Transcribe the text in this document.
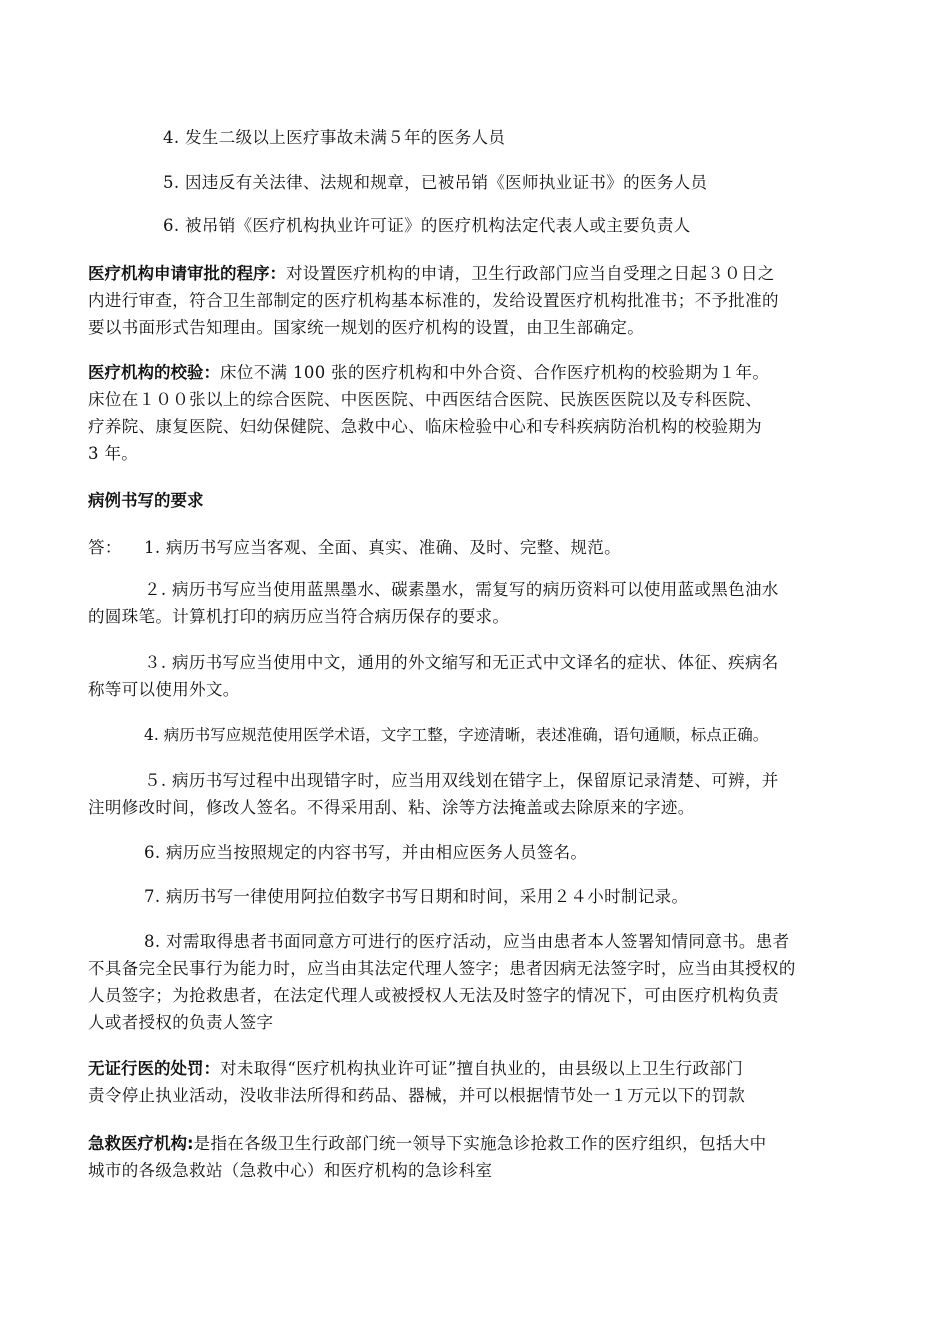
4. 发生二级以上医疗事故未满５年的医务人员
5. 因违反有关法律、法规和规章，已被吊销《医师执业证书》的医务人员
6. 被吊销《医疗机构执业许可证》的医疗机构法定代表人或主要负责人
医疗机构申请审批的程序：对设置医疗机构的申请，卫生行政部门应当自受理之日起３０日之
内进行审查，符合卫生部制定的医疗机构基本标准的，发给设置医疗机构批准书；不予批准的
要以书面形式告知理由。国家统一规划的医疗机构的设置，由卫生部确定。
医疗机构的校验：床位不满 100 张的医疗机构和中外合资、合作医疗机构的校验期为１年。
床位在１００张以上的综合医院、中医医院、中西医结合医院、民族医医院以及专科医院、
疗养院、康复医院、妇幼保健院、急救中心、临床检验中心和专科疾病防治机构的校验期为
3 年。
病例书写的要求
答： 1. 病历书写应当客观、全面、真实、准确、及时、完整、规范。
２. 病历书写应当使用蓝黑墨水、碳素墨水，需复写的病历资料可以使用蓝或黑色油水
的圆珠笔。计算机打印的病历应当符合病历保存的要求。
３. 病历书写应当使用中文，通用的外文缩写和无正式中文译名的症状、体征、疾病名
称等可以使用外文。
4. 病历书写应规范使用医学术语，文字工整，字迹清晰，表述准确，语句通顺，标点正确。
５. 病历书写过程中出现错字时，应当用双线划在错字上，保留原记录清楚、可辨，并
注明修改时间，修改人签名。不得采用刮、粘、涂等方法掩盖或去除原来的字迹。
6. 病历应当按照规定的内容书写，并由相应医务人员签名。
7. 病历书写一律使用阿拉伯数字书写日期和时间，采用２４小时制记录。
8. 对需取得患者书面同意方可进行的医疗活动，应当由患者本人签署知情同意书。患者
不具备完全民事行为能力时，应当由其法定代理人签字；患者因病无法签字时，应当由其授权的
人员签字；为抢救患者，在法定代理人或被授权人无法及时签字的情况下，可由医疗机构负责
人或者授权的负责人签字
无证行医的处罚：对未取得“医疗机构执业许可证”擅自执业的，由县级以上卫生行政部门
责令停止执业活动，没收非法所得和药品、器械，并可以根据情节处一１万元以下的罚款
急救医疗机构:是指在各级卫生行政部门统一领导下实施急诊抢救工作的医疗组织，包括大中
城市的各级急救站（急救中心）和医疗机构的急诊科室
